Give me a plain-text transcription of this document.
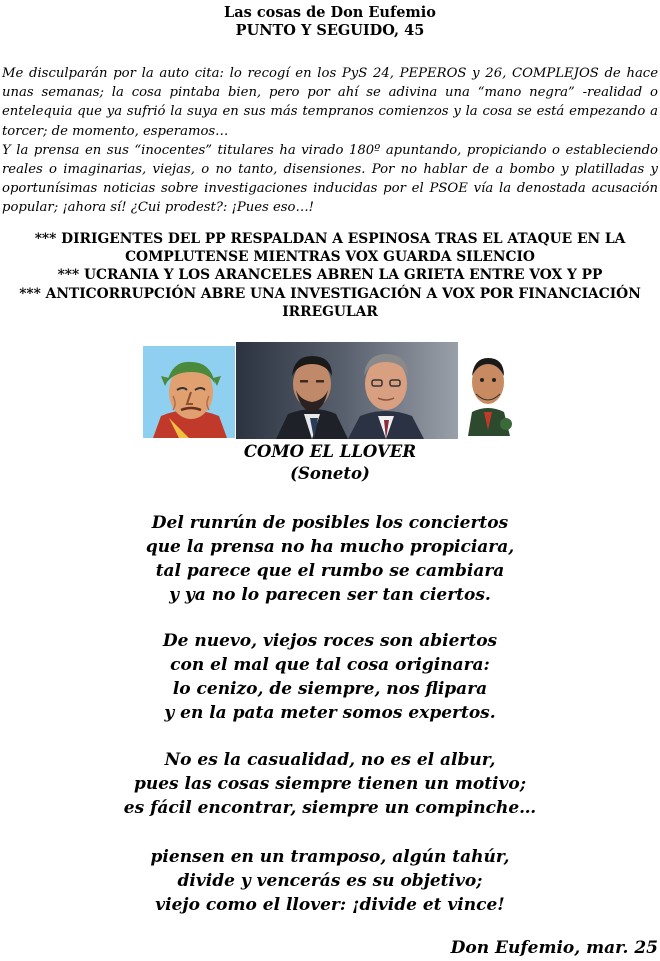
Las cosas de Don Eufemio
PUNTO Y SEGUIDO, 45

Me disculparán por la auto cita: lo recogí en los PyS 24, PEPEROS y 26, COMPLEJOS de hace unas semanas; la cosa pintaba bien, pero por ahí se adivina una “mano negra” -realidad o entelequia que ya sufrió la suya en sus más tempranos comienzos y la cosa se está empezando a torcer; de momento, esperamos…

Y la prensa en sus “inocentes” titulares ha virado 180º apuntando, propiciando o estableciendo reales o imaginarias, viejas, o no tanto, disensiones. Por no hablar de a bombo y platilladas y oportunísimas noticias sobre investigaciones inducidas por el PSOE vía la denostada acusación popular; ¡ahora sí! ¿Cui prodest?: ¡Pues eso…!

*** DIRIGENTES DEL PP RESPALDAN A ESPINOSA TRAS EL ATAQUE EN LA
COMPLUTENSE MIENTRAS VOX GUARDA SILENCIO
*** UCRANIA Y LOS ARANCELES ABREN LA GRIETA ENTRE VOX Y PP
*** ANTICORRUPCIÓN ABRE UNA INVESTIGACIÓN A VOX POR FINANCIACIÓN
IRREGULAR
COMO EL LLOVER
(Soneto)
Del runrún de posibles los conciertos
que la prensa no ha mucho propiciara,
tal parece que el rumbo se cambiara
y ya no lo parecen ser tan ciertos.
De nuevo, viejos roces son abiertos
con el mal que tal cosa originara:
lo cenizo, de siempre, nos flipara
y en la pata meter somos expertos.
No es la casualidad, no es el albur,
pues las cosas siempre tienen un motivo;
es fácil encontrar, siempre un compinche…
piensen en un tramposo, algún tahúr,
divide y vencerás es su objetivo;
viejo como el llover: ¡divide et vince!
Don Eufemio, mar. 25
